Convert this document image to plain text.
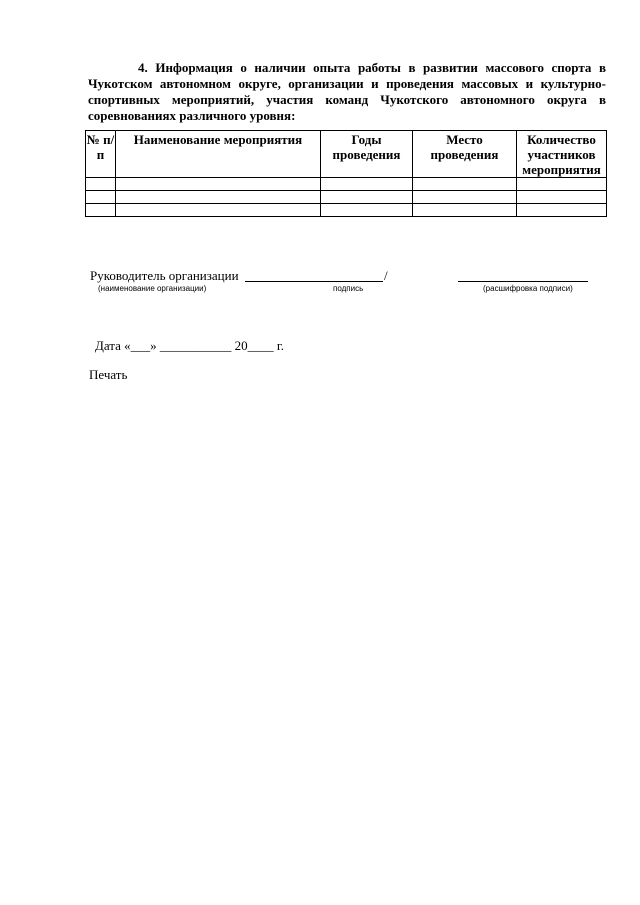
4. Информация о наличии опыта работы в развитии массового спорта в Чукотском автономном округе, организации и проведения массовых и культурно-спортивных мероприятий, участия команд Чукотского автономного округа в соревнованиях различного уровня:

№ п/п	Наименование мероприятия	Годы проведения	Место проведения	Количество участников мероприятия

Руководитель организации	/

(наименование организации)	подпись	(расшифровка подписи)

Дата «___» ___________ 20____ г.

Печать
